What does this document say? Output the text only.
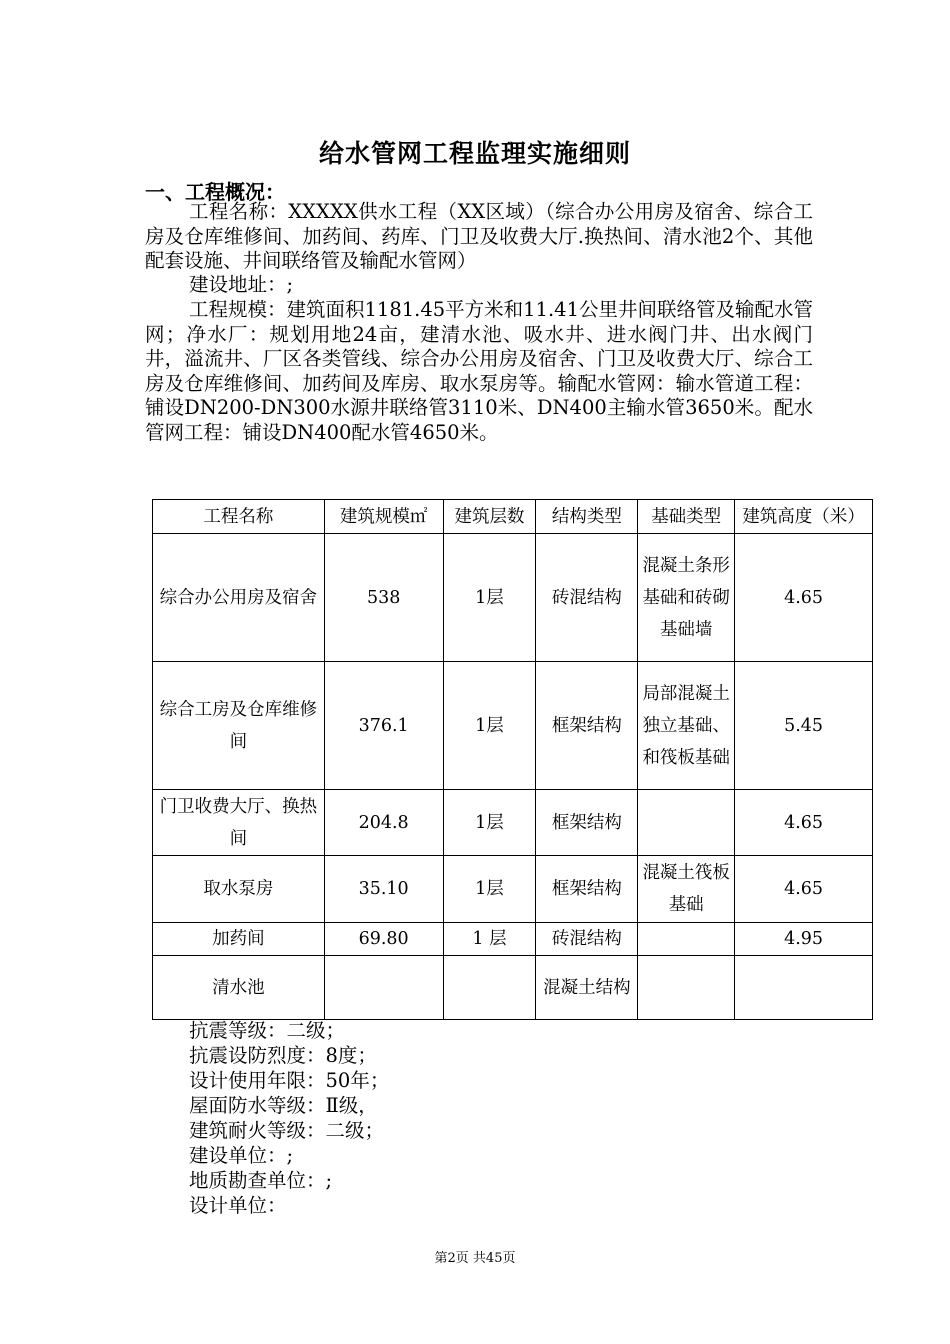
给水管网工程监理实施细则
一、工程概况：
工程名称：XXXXX供水工程（XX区域）（综合办公用房及宿舍、综合工房及仓库维修间、加药间、药库、门卫及收费大厅.换热间、清水池2个、其他配套设施、井间联络管及输配水管网）
建设地址：;
工程规模：建筑面积1181.45平方米和11.41公里井间联络管及输配水管网；净水厂：规划用地24亩，建清水池、吸水井、进水阀门井、出水阀门井，溢流井、厂区各类管线、综合办公用房及宿舍、门卫及收费大厅、综合工房及仓库维修间、加药间及库房、取水泵房等。输配水管网：输水管道工程：铺设DN200-DN300水源井联络管3110米、DN400主输水管3650米。配水管网工程：铺设DN400配水管4650米。
工程名称	建筑规模㎡	建筑层数	结构类型	基础类型	建筑高度（米）
综合办公用房及宿舍	538	1层	砖混结构	混凝土条形基础和砖砌基础墙	4.65
综合工房及仓库维修间	376.1	1层	框架结构	局部混凝土独立基础、和筏板基础	5.45
门卫收费大厅、换热间	204.8	1层	框架结构		4.65
取水泵房	35.10	1层	框架结构	混凝土筏板基础	4.65
加药间	69.80	1 层	砖混结构		4.95
清水池			混凝土结构		
抗震等级：二级；
抗震设防烈度：8度；
设计使用年限：50年；
屋面防水等级：Ⅱ级，
建筑耐火等级：二级；
建设单位：;
地质勘查单位：;
设计单位：
第2页 共45页
